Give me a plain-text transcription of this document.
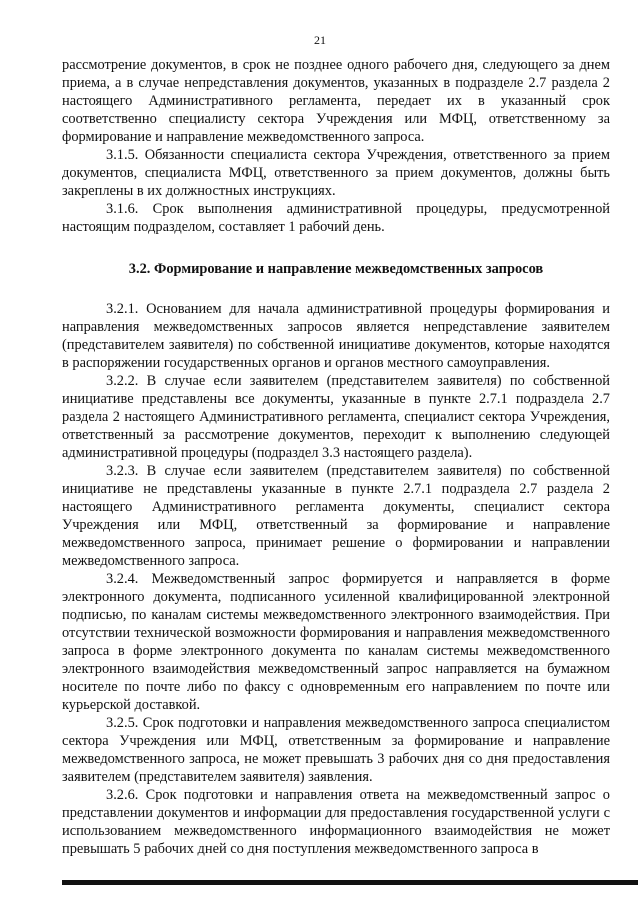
21

рассмотрение документов, в срок не позднее одного рабочего дня, следующего за днем приема, а в случае непредставления документов, указанных в подразделе 2.7 раздела 2 настоящего Административного регламента, передает их в указанный срок соответственно специалисту сектора Учреждения или МФЦ, ответственному за формирование и направление межведомственного запроса.

3.1.5. Обязанности специалиста сектора Учреждения, ответственного за прием документов, специалиста МФЦ, ответственного за прием документов, должны быть закреплены в их должностных инструкциях.

3.1.6. Срок выполнения административной процедуры, предусмотренной настоящим подразделом, составляет 1 рабочий день.

3.2. Формирование и направление межведомственных запросов

3.2.1. Основанием для начала административной процедуры формирования и направления межведомственных запросов является непредставление заявителем (представителем заявителя) по собственной инициативе документов, которые находятся в распоряжении государственных органов и органов местного самоуправления.

3.2.2. В случае если заявителем (представителем заявителя) по собственной инициативе представлены все документы, указанные в пункте 2.7.1 подраздела 2.7 раздела 2 настоящего Административного регламента, специалист сектора Учреждения, ответственный за рассмотрение документов, переходит к выполнению следующей административной процедуры (подраздел 3.3 настоящего раздела).

3.2.3. В случае если заявителем (представителем заявителя) по собственной инициативе не представлены указанные в пункте 2.7.1 подраздела 2.7 раздела 2 настоящего Административного регламента документы, специалист сектора Учреждения или МФЦ, ответственный за формирование и направление межведомственного запроса, принимает решение о формировании и направлении межведомственного запроса.

3.2.4. Межведомственный запрос формируется и направляется в форме электронного документа, подписанного усиленной квалифицированной электронной подписью, по каналам системы межведомственного электронного взаимодействия. При отсутствии технической возможности формирования и направления межведомственного запроса в форме электронного документа по каналам системы межведомственного электронного взаимодействия межведомственный запрос направляется на бумажном носителе по почте либо по факсу с одновременным его направлением по почте или курьерской доставкой.

3.2.5. Срок подготовки и направления межведомственного запроса специалистом сектора Учреждения или МФЦ, ответственным за формирование и направление межведомственного запроса, не может превышать 3 рабочих дня со дня предоставления заявителем (представителем заявителя) заявления.

3.2.6. Срок подготовки и направления ответа на межведомственный запрос о представлении документов и информации для предоставления государственной услуги с использованием межведомственного информационного взаимодействия не может превышать 5 рабочих дней со дня поступления межведомственного запроса в
